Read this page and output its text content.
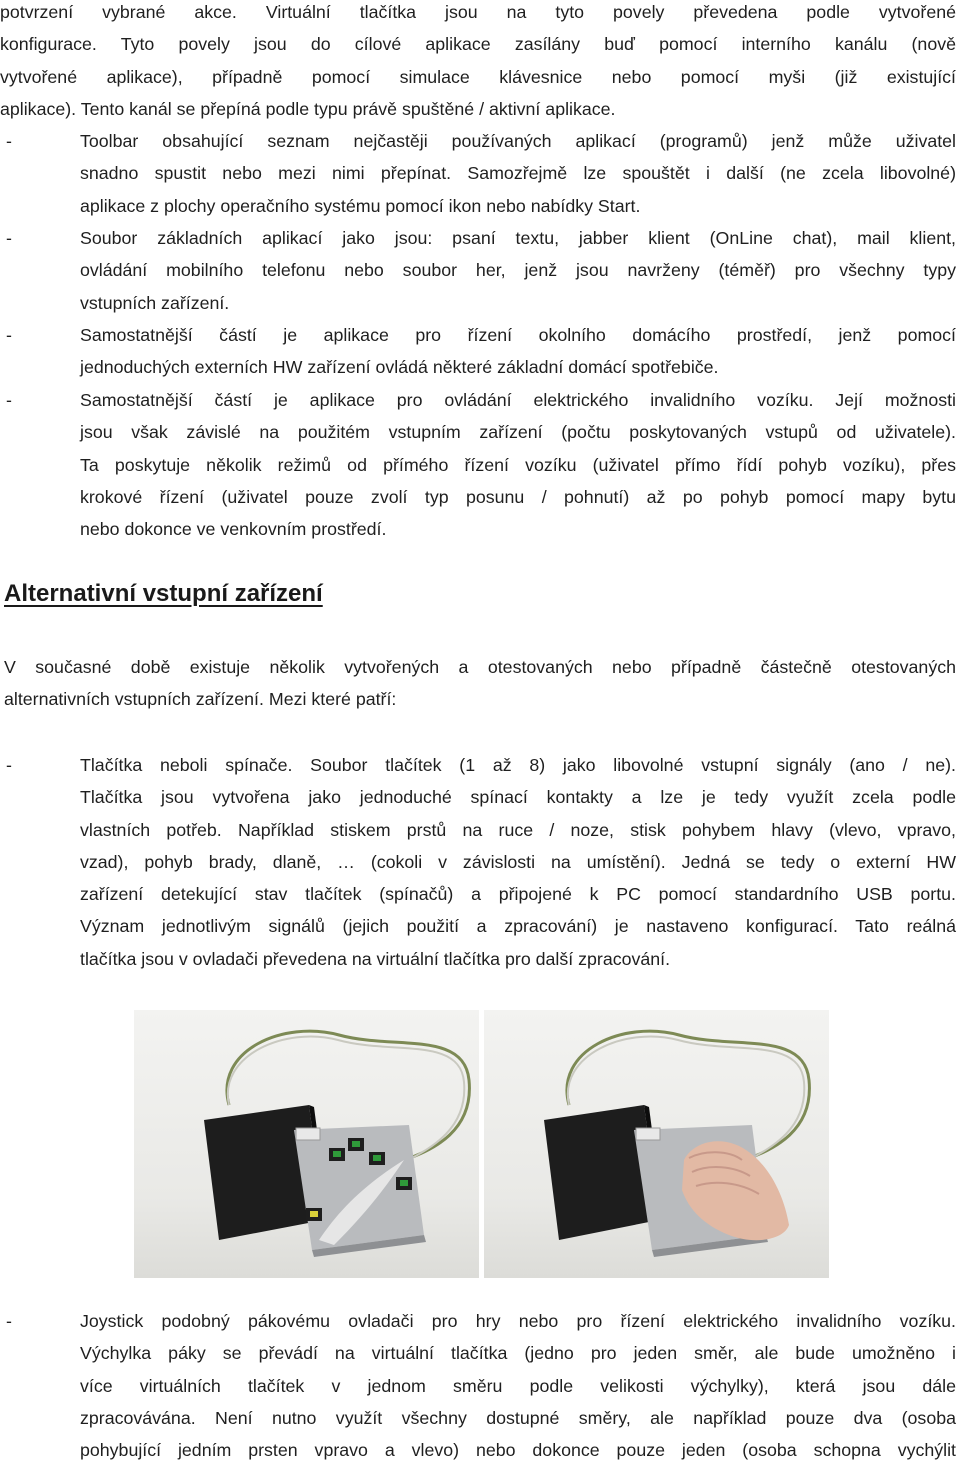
potvrzení vybrané akce. Virtuální tlačítka jsou na tyto povely převedena podle vytvořené
konfigurace. Tyto povely jsou do cílové aplikace zasílány buď pomocí interního kanálu (nově
vytvořené aplikace), případně pomocí simulace klávesnice nebo pomocí myši (již existující
aplikace). Tento kanál se přepíná podle typu právě spuštěné / aktivní aplikace.
-	Toolbar obsahující seznam nejčastěji používaných aplikací (programů) jenž může uživatel
snadno spustit nebo mezi nimi přepínat. Samozřejmě lze spouštět i další (ne zcela libovolné)
aplikace z plochy operačního systému pomocí ikon nebo nabídky Start.
-	Soubor základních aplikací jako jsou: psaní textu, jabber klient (OnLine chat), mail klient,
ovládání mobilního telefonu nebo soubor her, jenž jsou navrženy (téměř) pro všechny typy
vstupních zařízení.
-	Samostatnější částí je aplikace pro řízení okolního domácího prostředí, jenž pomocí
jednoduchých externích HW zařízení ovládá některé základní domácí spotřebiče.
-	Samostatnější částí je aplikace pro ovládání elektrického invalidního vozíku. Její možnosti
jsou však závislé na použitém vstupním zařízení (počtu poskytovaných vstupů od uživatele).
Ta poskytuje několik režimů od přímého řízení vozíku (uživatel přímo řídí pohyb vozíku), přes
krokové řízení (uživatel pouze zvolí typ posunu / pohnutí) až po pohyb pomocí mapy bytu
nebo dokonce ve venkovním prostředí.
Alternativní vstupní zařízení
V současné době existuje několik vytvořených a otestovaných nebo případně částečně otestovaných
alternativních vstupních zařízení. Mezi které patří:
-	Tlačítka neboli spínače. Soubor tlačítek (1 až 8) jako libovolné vstupní signály (ano / ne).
Tlačítka jsou vytvořena jako jednoduché spínací kontakty a lze je tedy využít zcela podle
vlastních potřeb. Například stiskem prstů na ruce / noze, stisk pohybem hlavy (vlevo, vpravo,
vzad), pohyb brady, dlaně, … (cokoli v závislosti na umístění). Jedná se tedy o externí HW
zařízení detekující stav tlačítek (spínačů) a připojené k PC pomocí standardního USB portu.
Význam jednotlivým signálů (jejich použití a zpracování) je nastaveno konfigurací. Tato reálná
tlačítka jsou v ovladači převedena na virtuální tlačítka pro další zpracování.
-	Joystick podobný pákovému ovladači pro hry nebo pro řízení elektrického invalidního vozíku.
Výchylka páky se převádí na virtuální tlačítka (jedno pro jeden směr, ale bude umožněno i
více virtuálních tlačítek v jednom směru podle velikosti výchylky), která jsou dále
zpracovávána. Není nutno využít všechny dostupné směry, ale například pouze dva (osoba
pohybující jedním prsten vpravo a vlevo) nebo dokonce pouze jeden (osoba schopna vychýlit
